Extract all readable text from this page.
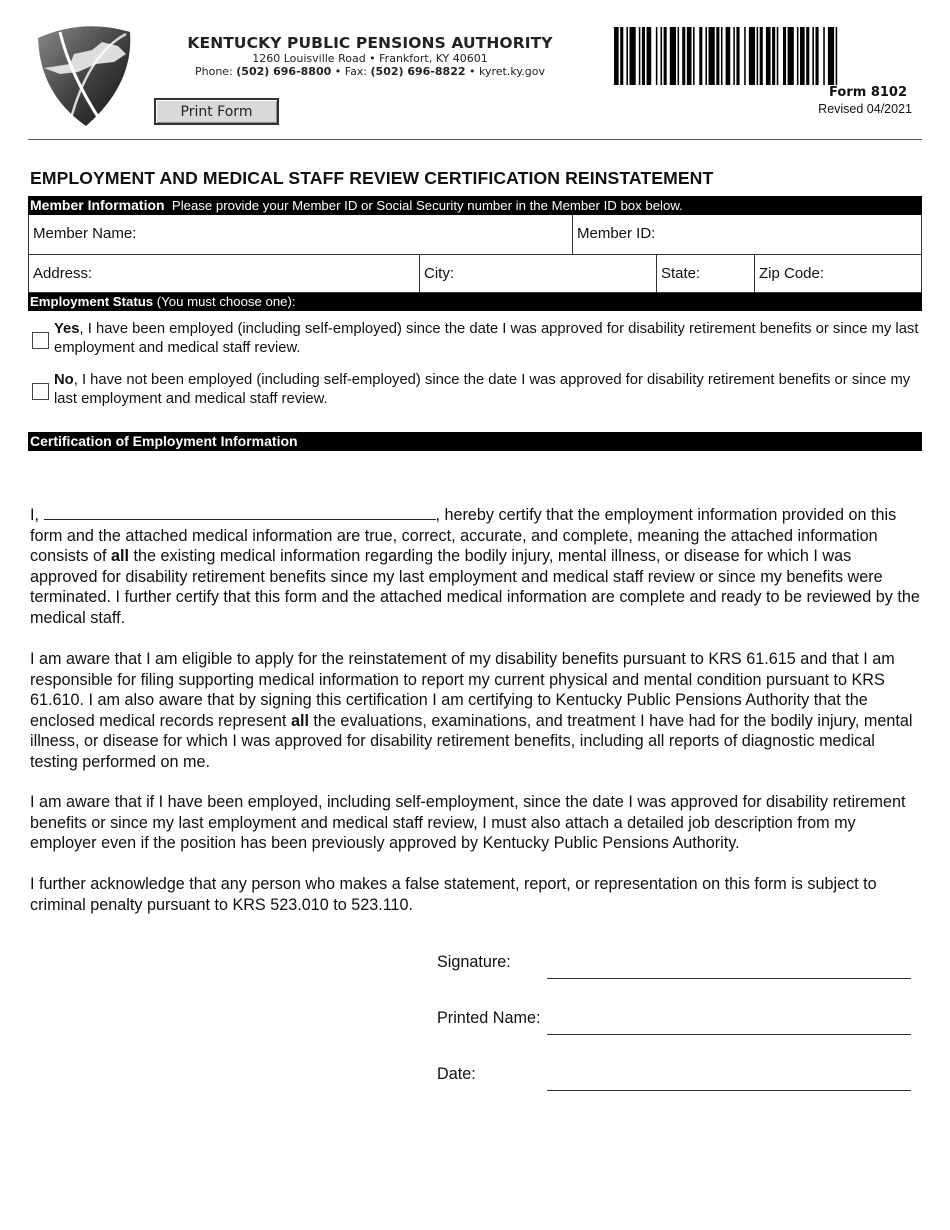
KENTUCKY PUBLIC PENSIONS AUTHORITY
1260 Louisville Road • Frankfort, KY 40601
Phone: (502) 696-8800 • Fax: (502) 696-8822 • kyret.ky.gov
Print Form
Form 8102
Revised 04/2021
EMPLOYMENT AND MEDICAL STAFF REVIEW CERTIFICATION REINSTATEMENT
Member Information Please provide your Member ID or Social Security number in the Member ID box below.
Member Name:	Member ID:
Address:	City:	State:	Zip Code:
Employment Status (You must choose one):
Yes, I have been employed (including self-employed) since the date I was approved for disability retirement benefits or since my last employment and medical staff review.
No, I have not been employed (including self-employed) since the date I was approved for disability retirement benefits or since my last employment and medical staff review.
Certification of Employment Information
I,	, hereby certify that the employment information provided on this form and the attached medical information are true, correct, accurate, and complete, meaning the attached information consists of all the existing medical information regarding the bodily injury, mental illness, or disease for which I was approved for disability retirement benefits since my last employment and medical staff review or since my benefits were terminated. I further certify that this form and the attached medical information are complete and ready to be reviewed by the medical staff.
I am aware that I am eligible to apply for the reinstatement of my disability benefits pursuant to KRS 61.615 and that I am responsible for filing supporting medical information to report my current physical and mental condition pursuant to KRS 61.610. I am also aware that by signing this certification I am certifying to Kentucky Public Pensions Authority that the enclosed medical records represent all the evaluations, examinations, and treatment I have had for the bodily injury, mental illness, or disease for which I was approved for disability retirement benefits, including all reports of diagnostic medical testing performed on me.
I am aware that if I have been employed, including self-employment, since the date I was approved for disability retirement benefits or since my last employment and medical staff review, I must also attach a detailed job description from my employer even if the position has been previously approved by Kentucky Public Pensions Authority.
I further acknowledge that any person who makes a false statement, report, or representation on this form is subject to criminal penalty pursuant to KRS 523.010 to 523.110.
Signature:
Printed Name:
Date:
